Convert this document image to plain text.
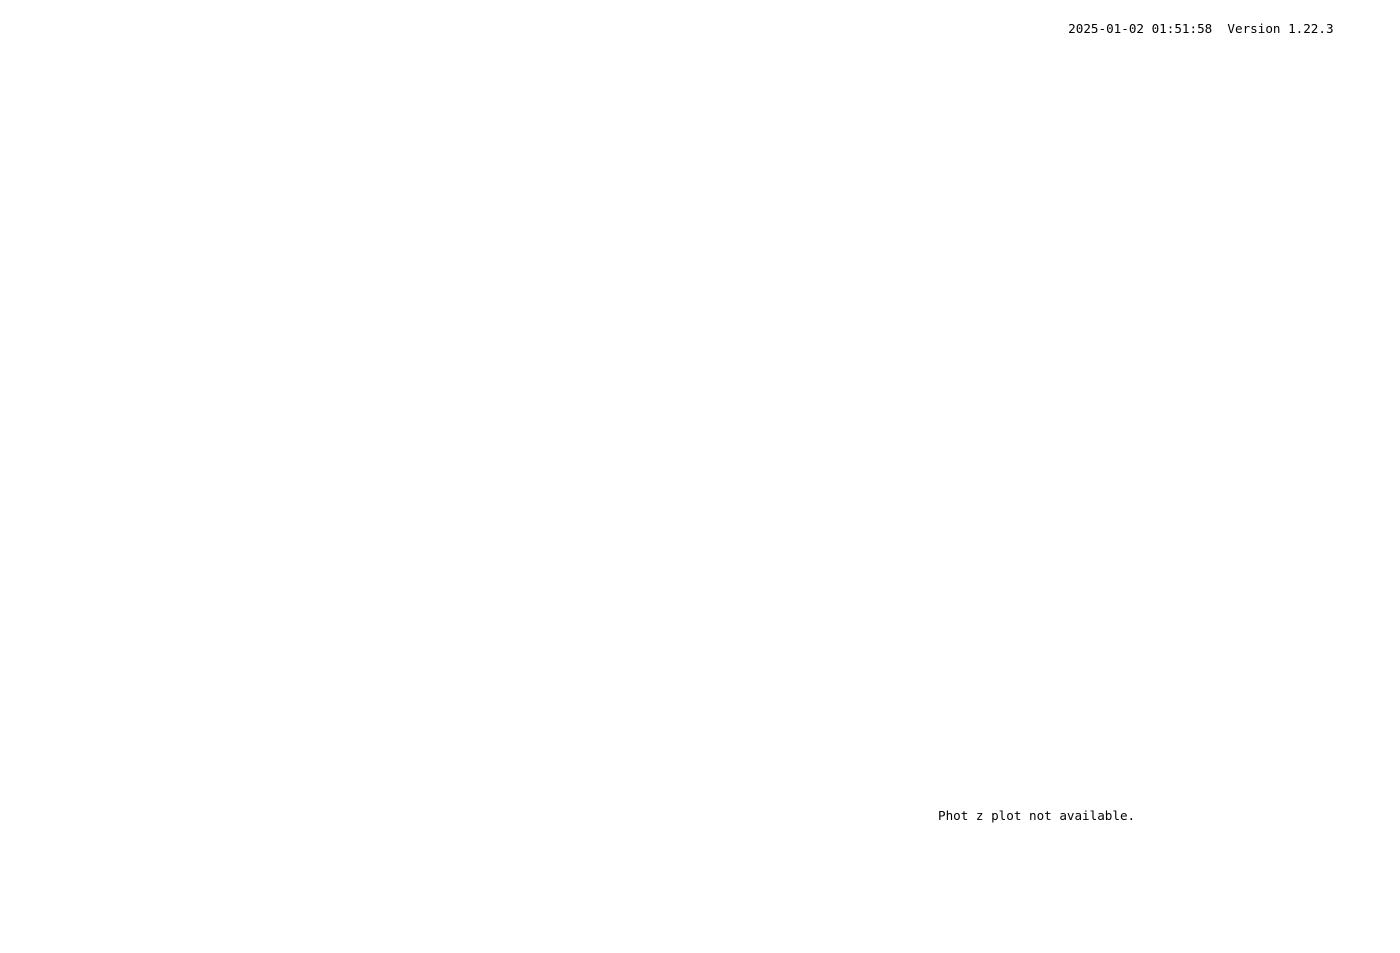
2025-01-02 01:51:58 Version 1.22.3

Phot z plot not available.
